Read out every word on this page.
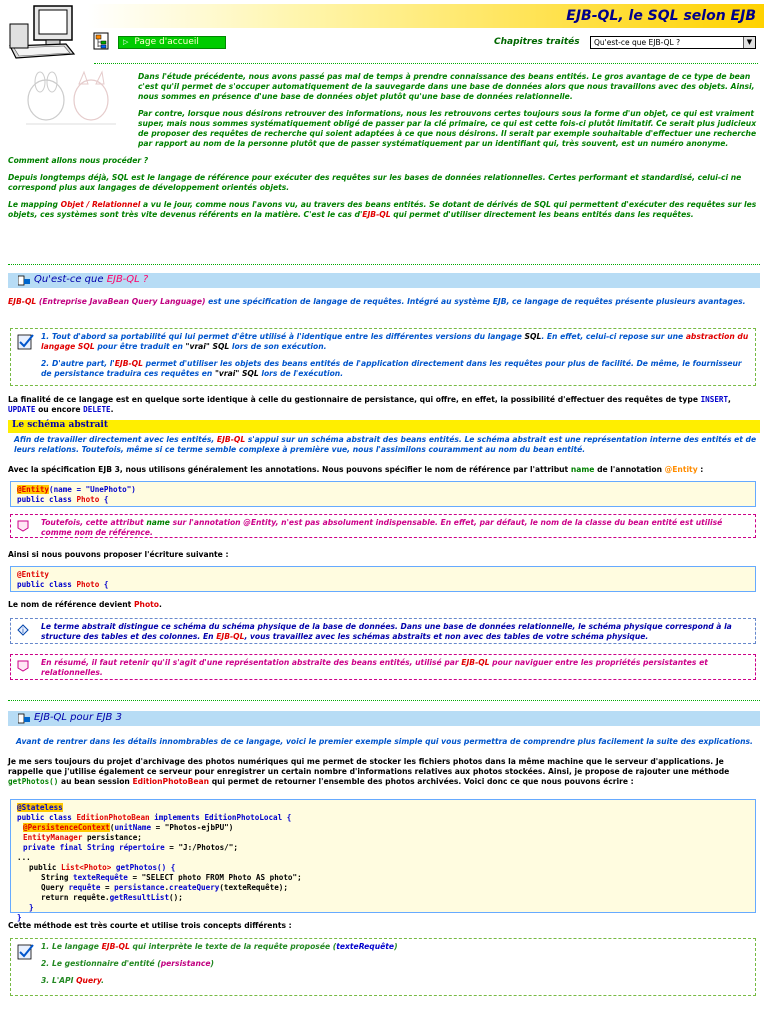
EJB-QL, le SQL selon EJB
▷ Page d'accueil	Chapitres traités	Qu'est-ce que EJB-QL ?	▼
Dans l'étude précédente, nous avons passé pas mal de temps à prendre connaissance des beans entités. Le gros avantage de ce type de bean c'est qu'il permet de s'occuper automatiquement de la sauvegarde dans une base de données alors que nous travaillons avec des objets. Ainsi, nous sommes en présence d'une base de données objet plutôt qu'une base de données relationnelle.
Par contre, lorsque nous désirons retrouver des informations, nous les retrouvons certes toujours sous la forme d'un objet, ce qui est vraiment super, mais nous sommes systématiquement obligé de passer par la clé primaire, ce qui est cette fois-ci plutôt limitatif. Ce serait plus judicieux de proposer des requêtes de recherche qui soient adaptées à ce que nous désirons. Il serait par exemple souhaitable d'effectuer une recherche par rapport au nom de la personne plutôt que de passer systématiquement par un identifiant qui, très souvent, est un numéro anonyme.
Comment allons nous procéder ?
Depuis longtemps déjà, SQL est le langage de référence pour exécuter des requêtes sur les bases de données relationnelles. Certes performant et standardisé, celui-ci ne correspond plus aux langages de développement orientés objets.
Le mapping Objet / Relationnel a vu le jour, comme nous l'avons vu, au travers des beans entités. Se dotant de dérivés de SQL qui permettent d'exécuter des requêtes sur les objets, ces systèmes sont très vite devenus référents en la matière. C'est le cas d'EJB-QL qui permet d'utiliser directement les beans entités dans les requêtes.
Qu'est-ce que EJB-QL ?
EJB-QL (Entreprise JavaBean Query Language) est une spécification de langage de requêtes. Intégré au système EJB, ce langage de requêtes présente plusieurs avantages.
1. Tout d'abord sa portabilité qui lui permet d'être utilisé à l'identique entre les différentes versions du langage SQL. En effet, celui-ci repose sur une abstraction du langage SQL pour être traduit en "vrai" SQL lors de son exécution.
2. D'autre part, l'EJB-QL permet d'utiliser les objets des beans entités de l'application directement dans les requêtes pour plus de facilité. De même, le fournisseur de persistance traduira ces requêtes en "vrai" SQL lors de l'exécution.
La finalité de ce langage est en quelque sorte identique à celle du gestionnaire de persistance, qui offre, en effet, la possibilité d'effectuer des requêtes de type INSERT, UPDATE ou encore DELETE.
Le schéma abstrait
Afin de travailler directement avec les entités, EJB-QL s'appui sur un schéma abstrait des beans entités. Le schéma abstrait est une représentation interne des entités et de leurs relations. Toutefois, même si ce terme semble complexe à première vue, nous l'assimilons couramment au nom du bean entité.
Avec la spécification EJB 3, nous utilisons généralement les annotations. Nous pouvons spécifier le nom de référence par l'attribut name de l'annotation @Entity :
@Entity(name = "UnePhoto")
public class Photo {
Toutefois, cette attribut name sur l'annotation @Entity, n'est pas absolument indispensable. En effet, par défaut, le nom de la classe du bean entité est utilisé comme nom de référence.
Ainsi si nous pouvons proposer l'écriture suivante :
@Entity
public class Photo {
Le nom de référence devient Photo.
i Le terme abstrait distingue ce schéma du schéma physique de la base de données. Dans une base de données relationnelle, le schéma physique correspond à la structure des tables et des colonnes. En EJB-QL, vous travaillez avec les schémas abstraits et non avec des tables de votre schéma physique.
En résumé, il faut retenir qu'il s'agit d'une représentation abstraite des beans entités, utilisé par EJB-QL pour naviguer entre les propriétés persistantes et relationnelles.
EJB-QL pour EJB 3
Avant de rentrer dans les détails innombrables de ce langage, voici le premier exemple simple qui vous permettra de comprendre plus facilement la suite des explications.
Je me sers toujours du projet d'archivage des photos numériques qui me permet de stocker les fichiers photos dans la même machine que le serveur d'applications. Je rappelle que j'utilise également ce serveur pour enregistrer un certain nombre d'informations relatives aux photos stockées. Ainsi, je propose de rajouter une méthode getPhotos() au bean session EditionPhotoBean qui permet de retourner l'ensemble des photos archivées. Voici donc ce que nous pouvons écrire :
@Stateless
public class EditionPhotoBean implements EditionPhotoLocal {
@PersistenceContext(unitName = "Photos-ejbPU")
EntityManager persistance;
private final String répertoire = "J:/Photos/";
...
public List<Photo> getPhotos() {
String texteRequête = "SELECT photo FROM Photo AS photo";
Query requête = persistance.createQuery(texteRequête);
return requête.getResultList();
}
}
Cette méthode est très courte et utilise trois concepts différents :
1. Le langage EJB-QL qui interprète le texte de la requête proposée (texteRequête)
2. Le gestionnaire d'entité (persistance)
3. L'API Query.
